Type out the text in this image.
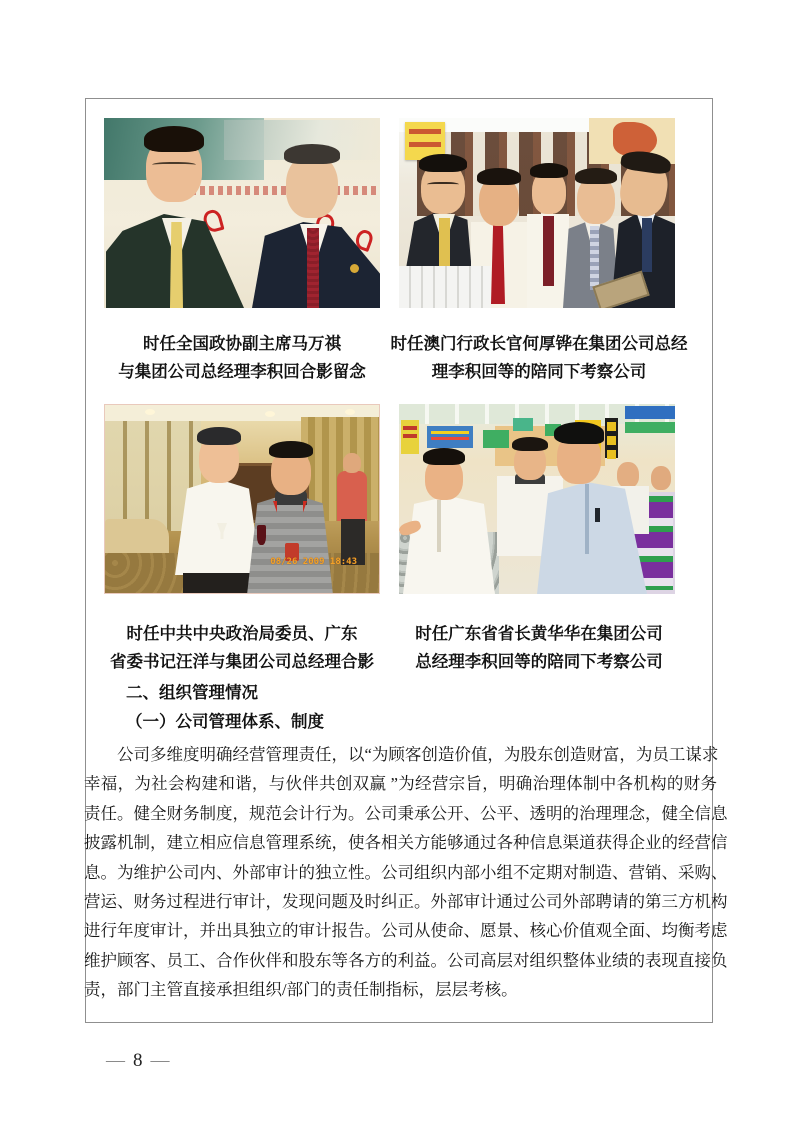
时任全国政协副主席马万祺
与集团公司总经理李积回合影留念
时任澳门行政长官何厚铧在集团公司总经
理李积回等的陪同下考察公司
08/26 2009 18:43
时任中共中央政治局委员、广东
省委书记汪洋与集团公司总经理合影
时任广东省省长黄华华在集团公司
总经理李积回等的陪同下考察公司
二、组织管理情况
（一）公司管理体系、制度
公司多维度明确经营管理责任，以“为顾客创造价值，为股东创造财富，为员工谋求
幸福，为社会构建和谐，与伙伴共创双赢 ”为经营宗旨，明确治理体制中各机构的财务
责任。健全财务制度，规范会计行为。公司秉承公开、公平、透明的治理理念，健全信息
披露机制，建立相应信息管理系统，使各相关方能够通过各种信息渠道获得企业的经营信
息。为维护公司内、外部审计的独立性。公司组织内部小组不定期对制造、营销、采购、
营运、财务过程进行审计，发现问题及时纠正。外部审计通过公司外部聘请的第三方机构
进行年度审计，并出具独立的审计报告。公司从使命、愿景、核心价值观全面、均衡考虑
维护顾客、员工、合作伙伴和股东等各方的利益。公司高层对组织整体业绩的表现直接负
责，部门主管直接承担组织/部门的责任制指标，层层考核。
— 8 —
